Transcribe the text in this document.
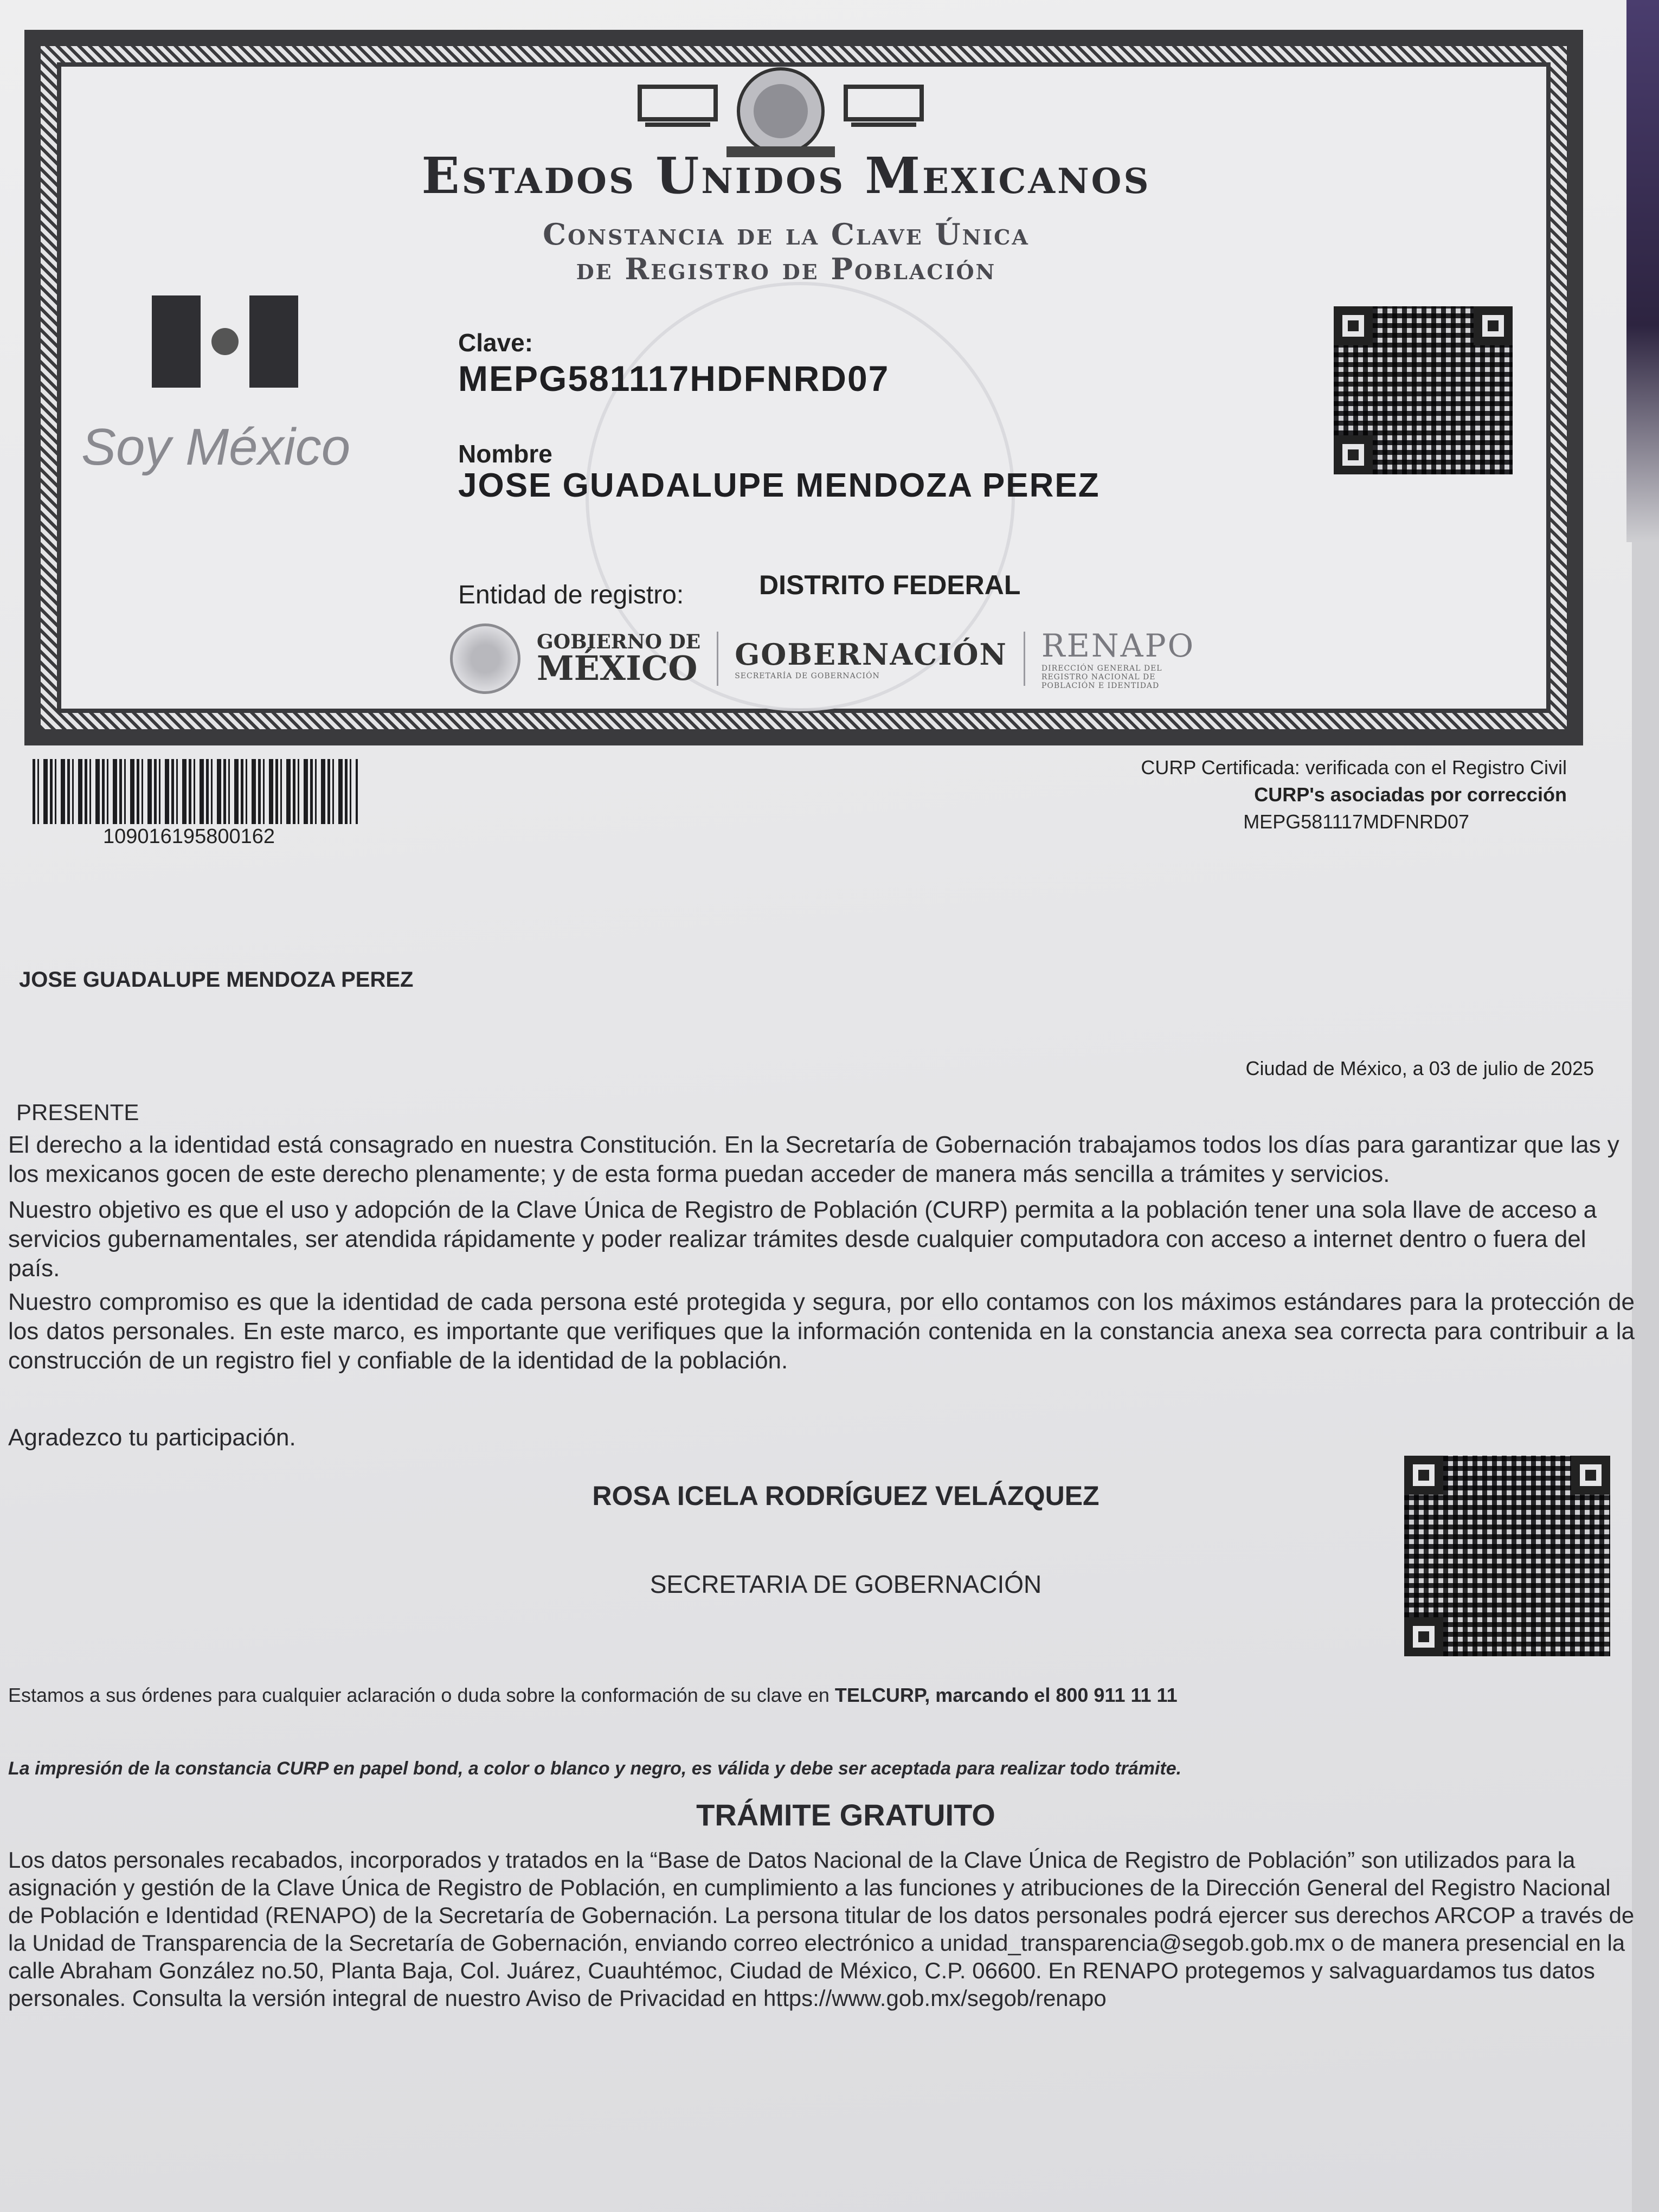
Estados Unidos Mexicanos
Constancia de la Clave Única
de Registro de Población
Soy México
Clave:
MEPG581117HDFNRD07
Nombre
JOSE GUADALUPE MENDOZA PEREZ
Entidad de registro:	DISTRITO FEDERAL
GOBIERNO DE
MÉXICO GOBERNACIÓN
SECRETARÍA DE GOBERNACIÓN
RENAPO
DIRECCIÓN GENERAL DEL REGISTRO NACIONAL DE POBLACIÓN E IDENTIDAD
109016195800162
CURP Certificada: verificada con el Registro Civil
CURP's asociadas por corrección
MEPG581117MDFNRD07
JOSE GUADALUPE MENDOZA PEREZ
Ciudad de México, a 03 de julio de 2025
PRESENTE
El derecho a la identidad está consagrado en nuestra Constitución. En la Secretaría de Gobernación trabajamos todos los días para garantizar que las y los mexicanos gocen de este derecho plenamente; y de esta forma puedan acceder de manera más sencilla a trámites y servicios.
Nuestro objetivo es que el uso y adopción de la Clave Única de Registro de Población (CURP) permita a la población tener una sola llave de acceso a servicios gubernamentales, ser atendida rápidamente y poder realizar trámites desde cualquier computadora con acceso a internet dentro o fuera del país.
Nuestro compromiso es que la identidad de cada persona esté protegida y segura, por ello contamos con los máximos estándares para la protección de los datos personales. En este marco, es importante que verifiques que la información contenida en la constancia anexa sea correcta para contribuir a la construcción de un registro fiel y confiable de la identidad de la población.
Agradezco tu participación.
ROSA ICELA RODRÍGUEZ VELÁZQUEZ
SECRETARIA DE GOBERNACIÓN
Estamos a sus órdenes para cualquier aclaración o duda sobre la conformación de su clave en TELCURP, marcando el 800 911 11 11
La impresión de la constancia CURP en papel bond, a color o blanco y negro, es válida y debe ser aceptada para realizar todo trámite.
TRÁMITE GRATUITO
Los datos personales recabados, incorporados y tratados en la “Base de Datos Nacional de la Clave Única de Registro de Población” son utilizados para la asignación y gestión de la Clave Única de Registro de Población, en cumplimiento a las funciones y atribuciones de la Dirección General del Registro Nacional de Población e Identidad (RENAPO) de la Secretaría de Gobernación. La persona titular de los datos personales podrá ejercer sus derechos ARCOP a través de la Unidad de Transparencia de la Secretaría de Gobernación, enviando correo electrónico a unidad_transparencia@segob.gob.mx o de manera presencial en la calle Abraham González no.50, Planta Baja, Col. Juárez, Cuauhtémoc, Ciudad de México, C.P. 06600. En RENAPO protegemos y salvaguardamos tus datos personales. Consulta la versión integral de nuestro Aviso de Privacidad en https://www.gob.mx/segob/renapo
